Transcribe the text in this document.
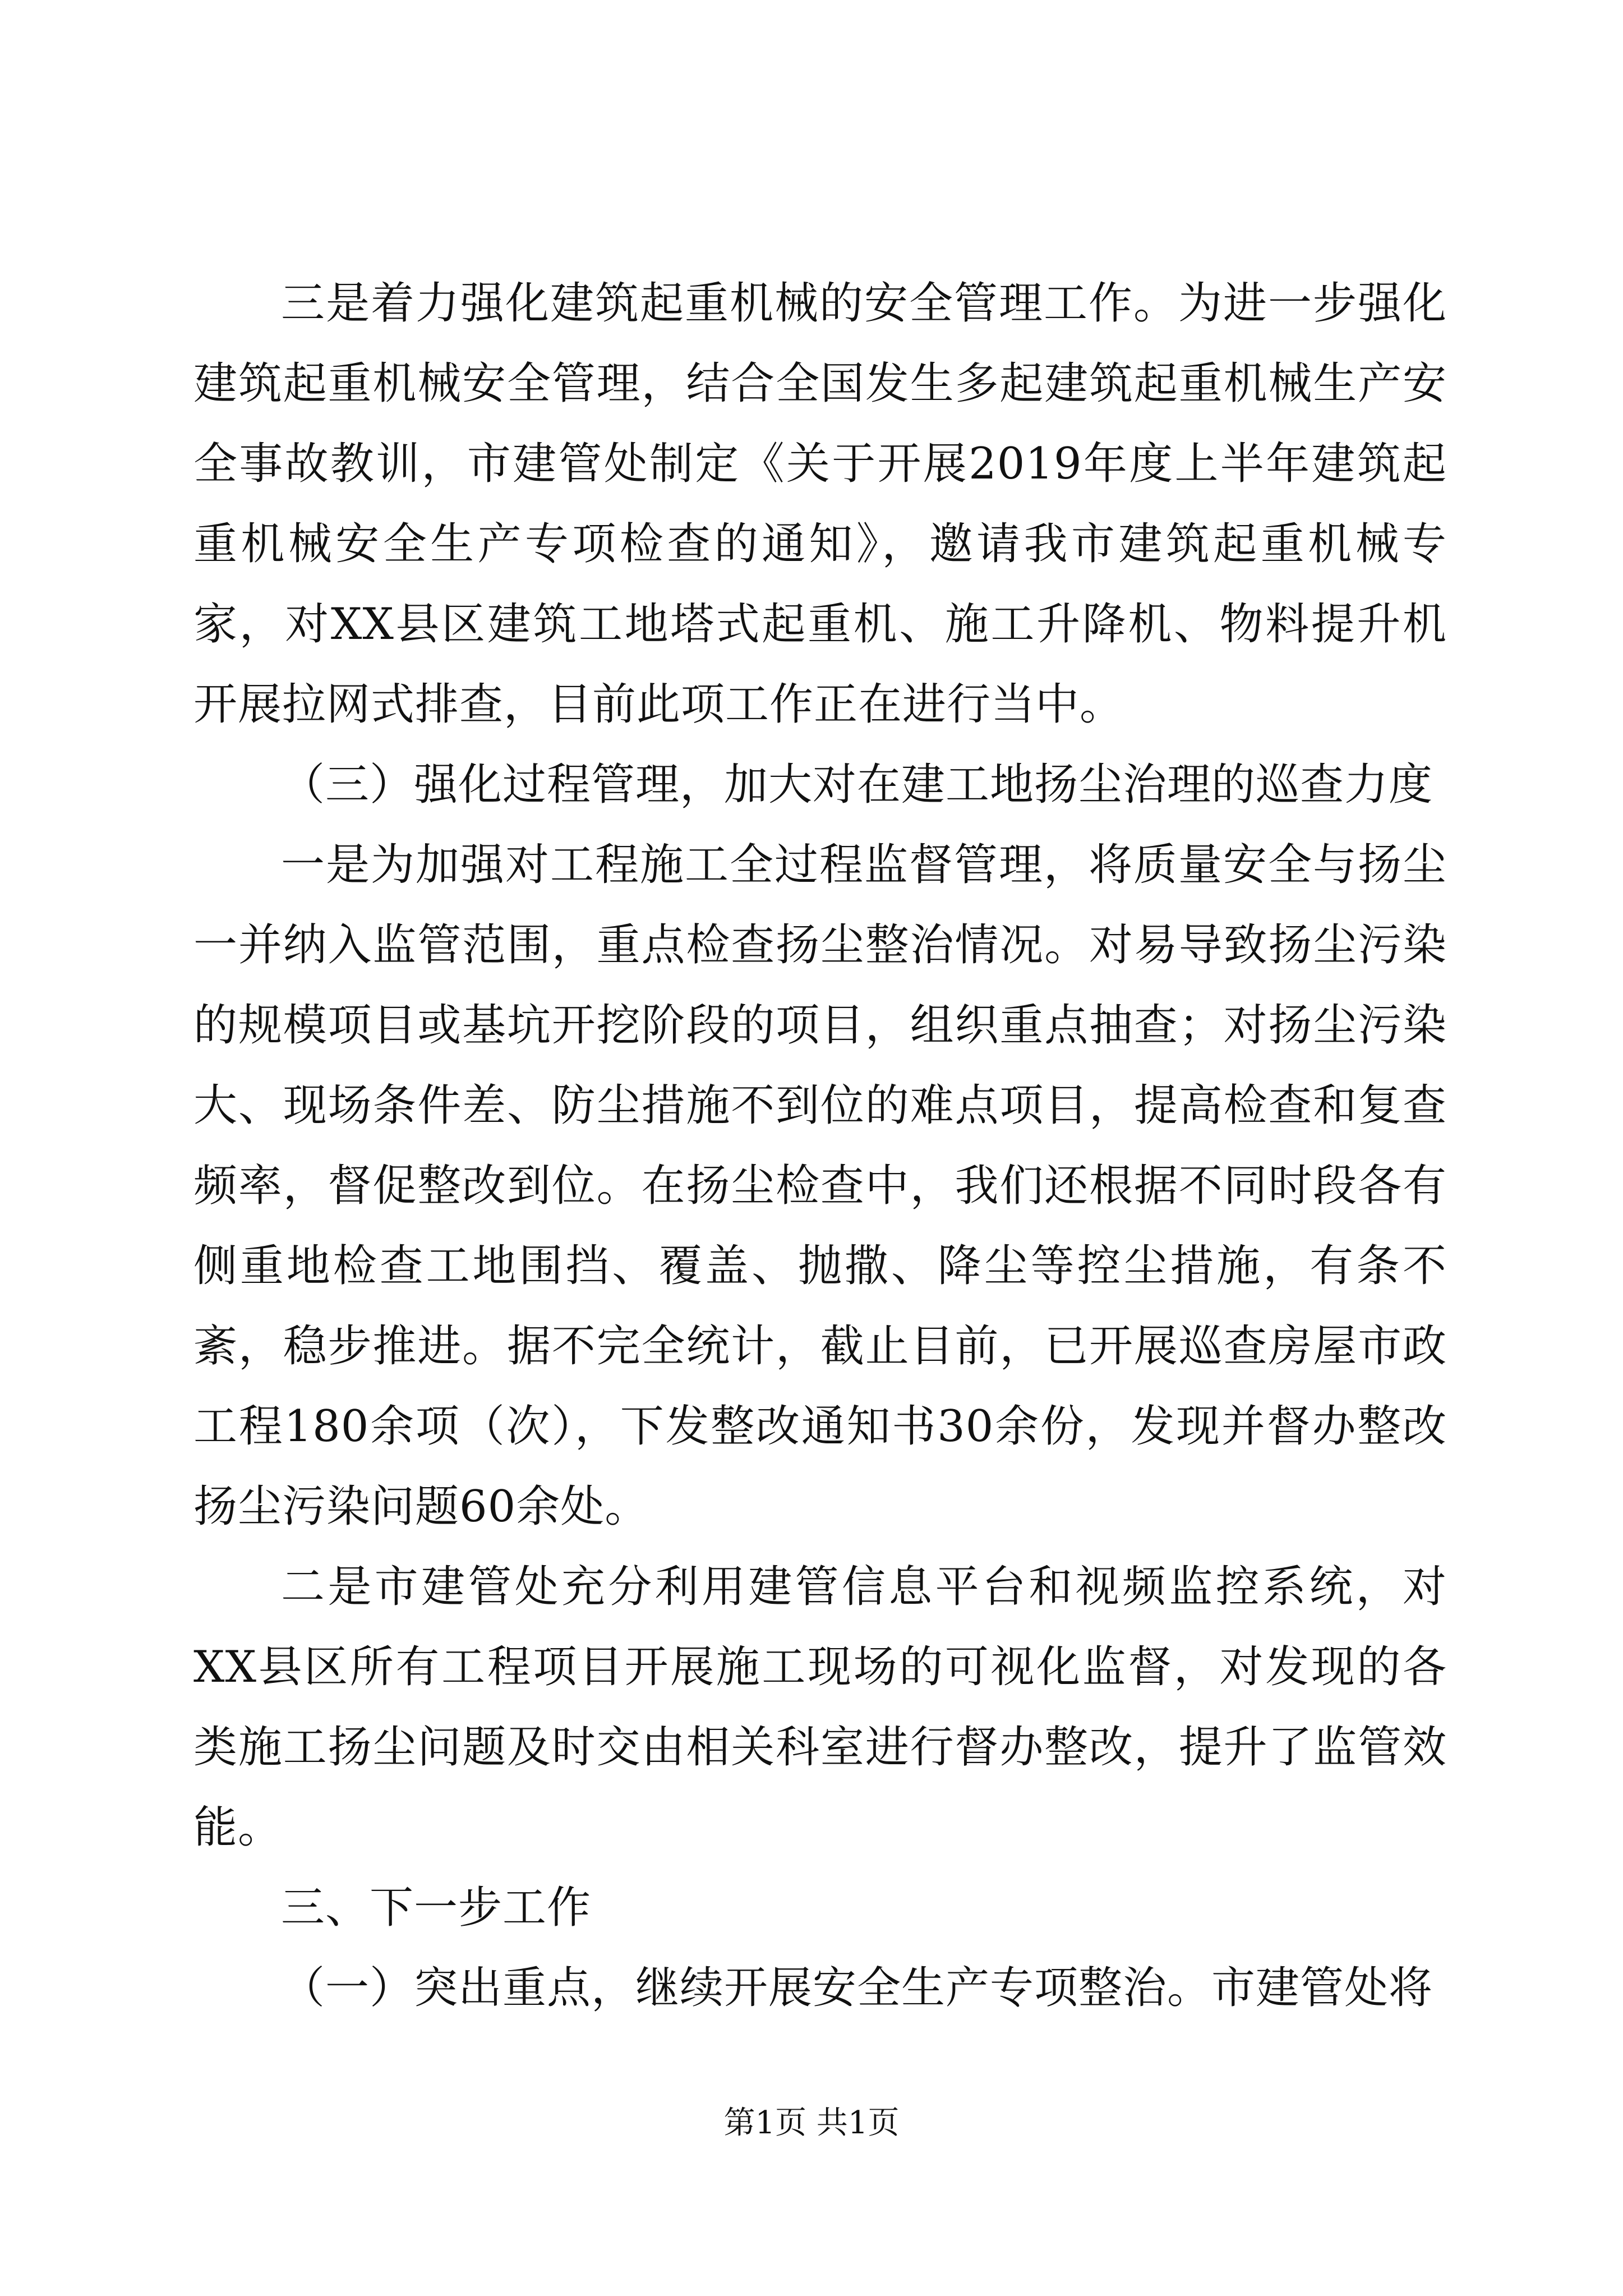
三是着力强化建筑起重机械的安全管理工作。为进一步强化建筑起重机械安全管理，结合全国发生多起建筑起重机械生产安全事故教训，市建管处制定《关于开展2019年度上半年建筑起重机械安全生产专项检查的通知》，邀请我市建筑起重机械专家，对XX县区建筑工地塔式起重机、施工升降机、物料提升机开展拉网式排查，目前此项工作正在进行当中。

（三）强化过程管理，加大对在建工地扬尘治理的巡查力度

一是为加强对工程施工全过程监督管理，将质量安全与扬尘一并纳入监管范围，重点检查扬尘整治情况。对易导致扬尘污染的规模项目或基坑开挖阶段的项目，组织重点抽查；对扬尘污染大、现场条件差、防尘措施不到位的难点项目，提高检查和复查频率，督促整改到位。在扬尘检查中，我们还根据不同时段各有侧重地检查工地围挡、覆盖、抛撒、降尘等控尘措施，有条不紊，稳步推进。据不完全统计，截止目前，已开展巡查房屋市政工程180余项（次），下发整改通知书30余份，发现并督办整改扬尘污染问题60余处。

二是市建管处充分利用建管信息平台和视频监控系统，对XX县区所有工程项目开展施工现场的可视化监督，对发现的各类施工扬尘问题及时交由相关科室进行督办整改，提升了监管效能。

三、下一步工作

（一）突出重点，继续开展安全生产专项整治。市建管处将

第1页 共1页
